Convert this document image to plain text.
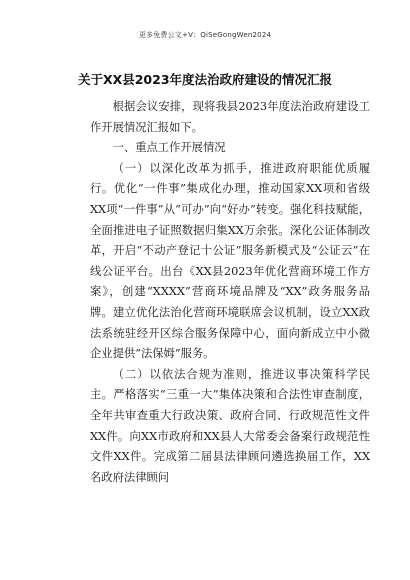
更多免费公文+V：QiSeGongWen2024
关于XX县2023年度法治政府建设的情况汇报

根据会议安排，现将我县2023年度法治政府建设工作开展情况汇报如下。

一、重点工作开展情况

（一）以深化改革为抓手，推进政府职能优质履行。优化“一件事”集成化办理，推动国家XX项和省级XX项“一件事”从“可办”向“好办”转变。强化科技赋能，全面推进电子证照数据归集XX万余张。深化公证体制改革，开启“不动产登记十公证”服务新模式及“公证云”在线公证平台。出台《XX县2023年优化营商环境工作方案》，创建“XXXX”营商环境品牌及“XX”政务服务品牌。建立优化法治化营商环境联席会议机制，设立XX政法系统驻经开区综合服务保障中心，面向新成立中小微企业提供“法保姆”服务。

（二）以依法合规为准则，推进议事决策科学民主。严格落实“三重一大”集体决策和合法性审查制度，全年共审查重大行政决策、政府合同、行政规范性文件XX件。向XX市政府和XX县人大常委会备案行政规范性文件XX件。完成第二届县法律顾问遴选换届工作，XX名政府法律顾问
